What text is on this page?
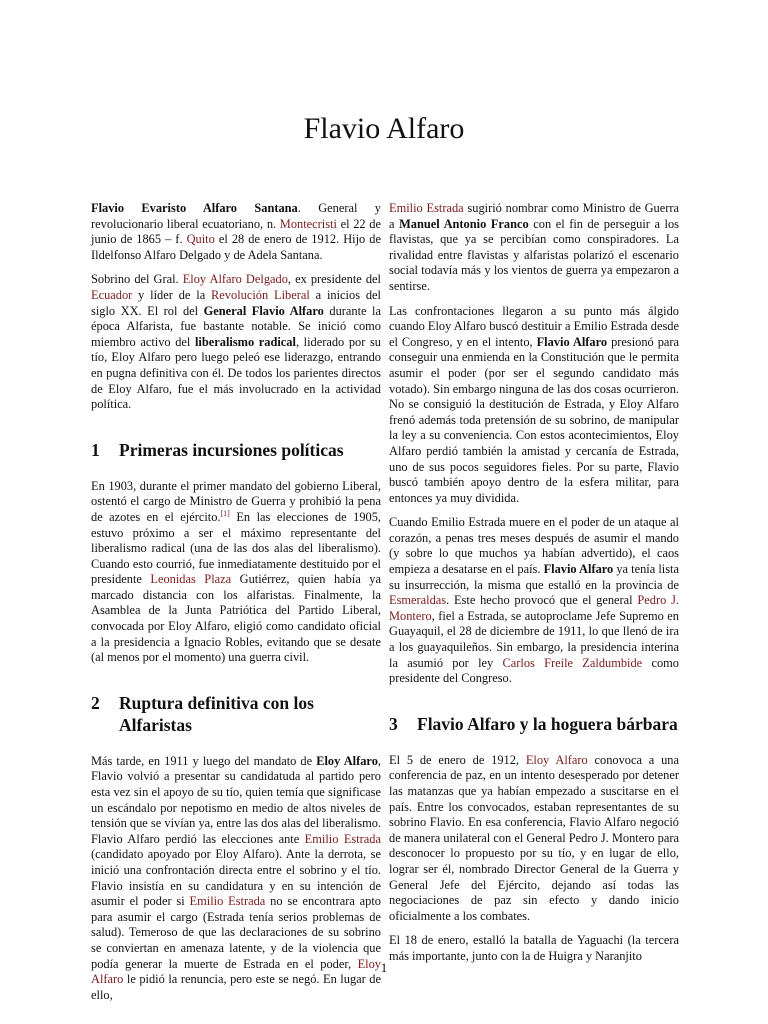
Flavio Alfaro

Flavio Evaristo Alfaro Santana. General y revolucionario liberal ecuatoriano, n. Montecristi el 22 de junio de 1865 – f. Quito el 28 de enero de 1912. Hijo de Ildelfonso Alfaro Delgado y de Adela Santana.

Sobrino del Gral. Eloy Alfaro Delgado, ex presidente del Ecuador y líder de la Revolución Liberal a inicios del siglo XX. El rol del General Flavio Alfaro durante la época Alfarista, fue bastante notable. Se inició como miembro activo del liberalismo radical, liderado por su tío, Eloy Alfaro pero luego peleó ese liderazgo, entrando en pugna definitiva con él. De todos los parientes directos de Eloy Alfaro, fue el más involucrado en la actividad política.

1	Primeras incursiones políticas

En 1903, durante el primer mandato del gobierno Liberal, ostentó el cargo de Ministro de Guerra y prohibió la pena de azotes en el ejército.[1] En las elecciones de 1905, estuvo próximo a ser el máximo representante del liberalismo radical (una de las dos alas del liberalismo). Cuando esto courrió, fue inmediatamente destituido por el presidente Leonidas Plaza Gutiérrez, quien había ya marcado distancia con los alfaristas. Finalmente, la Asamblea de la Junta Patriótica del Partido Liberal, convocada por Eloy Alfaro, eligió como candidato oficial a la presidencia a Ignacio Robles, evitando que se desate (al menos por el momento) una guerra civil.

2	Ruptura definitiva con los Alfaristas

Más tarde, en 1911 y luego del mandato de Eloy Alfaro, Flavio volvió a presentar su candidatuda al partido pero esta vez sin el apoyo de su tío, quien temía que significase un escándalo por nepotismo en medio de altos niveles de tensión que se vivían ya, entre las dos alas del liberalismo. Flavio Alfaro perdió las elecciones ante Emilio Estrada (candidato apoyado por Eloy Alfaro). Ante la derrota, se inició una confrontación directa entre el sobrino y el tío. Flavio insistía en su candidatura y en su intención de asumir el poder si Emilio Estrada no se encontrara apto para asumir el cargo (Estrada tenía serios problemas de salud). Temeroso de que las declaraciones de su sobrino se conviertan en amenaza latente, y de la violencia que podía generar la muerte de Estrada en el poder, Eloy Alfaro le pidió la renuncia, pero este se negó. En lugar de ello,

Emilio Estrada sugirió nombrar como Ministro de Guerra a Manuel Antonio Franco con el fin de perseguir a los flavistas, que ya se percibían como conspiradores. La rivalidad entre flavistas y alfaristas polarizó el escenario social todavía más y los vientos de guerra ya empezaron a sentirse.

Las confrontaciones llegaron a su punto más álgido cuando Eloy Alfaro buscó destituir a Emilio Estrada desde el Congreso, y en el intento, Flavio Alfaro presionó para conseguir una enmienda en la Constitución que le permita asumir el poder (por ser el segundo candidato más votado). Sin embargo ninguna de las dos cosas ocurrieron. No se consiguió la destitución de Estrada, y Eloy Alfaro frenó además toda pretensión de su sobrino, de manipular la ley a su conveniencia. Con estos acontecimientos, Eloy Alfaro perdió también la amistad y cercanía de Estrada, uno de sus pocos seguidores fieles. Por su parte, Flavio buscó también apoyo dentro de la esfera militar, para entonces ya muy dividida.

Cuando Emilio Estrada muere en el poder de un ataque al corazón, a penas tres meses después de asumir el mando (y sobre lo que muchos ya habían advertido), el caos empieza a desatarse en el país. Flavio Alfaro ya tenía lista su insurrección, la misma que estalló en la provincia de Esmeraldas. Este hecho provocó que el general Pedro J. Montero, fiel a Estrada, se autoproclame Jefe Supremo en Guayaquil, el 28 de diciembre de 1911, lo que llenó de ira a los guayaquileños. Sin embargo, la presidencia interina la asumió por ley Carlos Freile Zaldumbide como presidente del Congreso.

3	Flavio Alfaro y la hoguera bárbara

El 5 de enero de 1912, Eloy Alfaro conovoca a una conferencia de paz, en un intento desesperado por detener las matanzas que ya habían empezado a suscitarse en el país. Entre los convocados, estaban representantes de su sobrino Flavio. En esa conferencia, Flavio Alfaro negoció de manera unilateral con el General Pedro J. Montero para desconocer lo propuesto por su tío, y en lugar de ello, lograr ser él, nombrado Director General de la Guerra y General Jefe del Ejército, dejando así todas las negociaciones de paz sin efecto y dando inicio oficialmente a los combates.

El 18 de enero, estalló la batalla de Yaguachi (la tercera más importante, junto con la de Huigra y Naranjito

1
